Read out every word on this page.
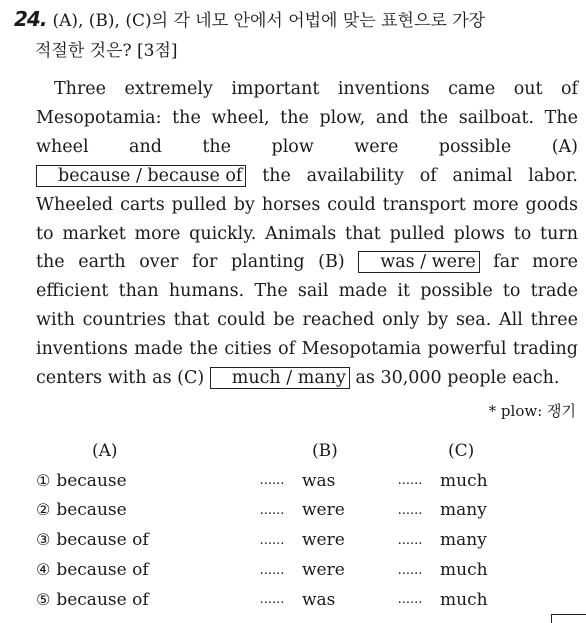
24. (A), (B), (C)의 각 네모 안에서 어법에 맞는 표현으로 가장
적절한 것은? [3점]

Three extremely important inventions came out of Mesopotamia: the wheel, the plow, and the sailboat. The wheel and the plow were possible (A) because / because of the availability of animal labor. Wheeled carts pulled by horses could transport more goods to market more quickly. Animals that pulled plows to turn the earth over for planting (B) was / were far more efficient than humans. The sail made it possible to trade with countries that could be reached only by sea. All three inventions made the cities of Mesopotamia powerful trading centers with as (C) much / many as 30,000 people each.

* plow: 쟁기
(A)		(B)		(C)
① because	......	was	......	much
② because	......	were	......	many
③ because of	......	were	......	many
④ because of	......	were	......	much
⑤ because of	......	was	......	much
